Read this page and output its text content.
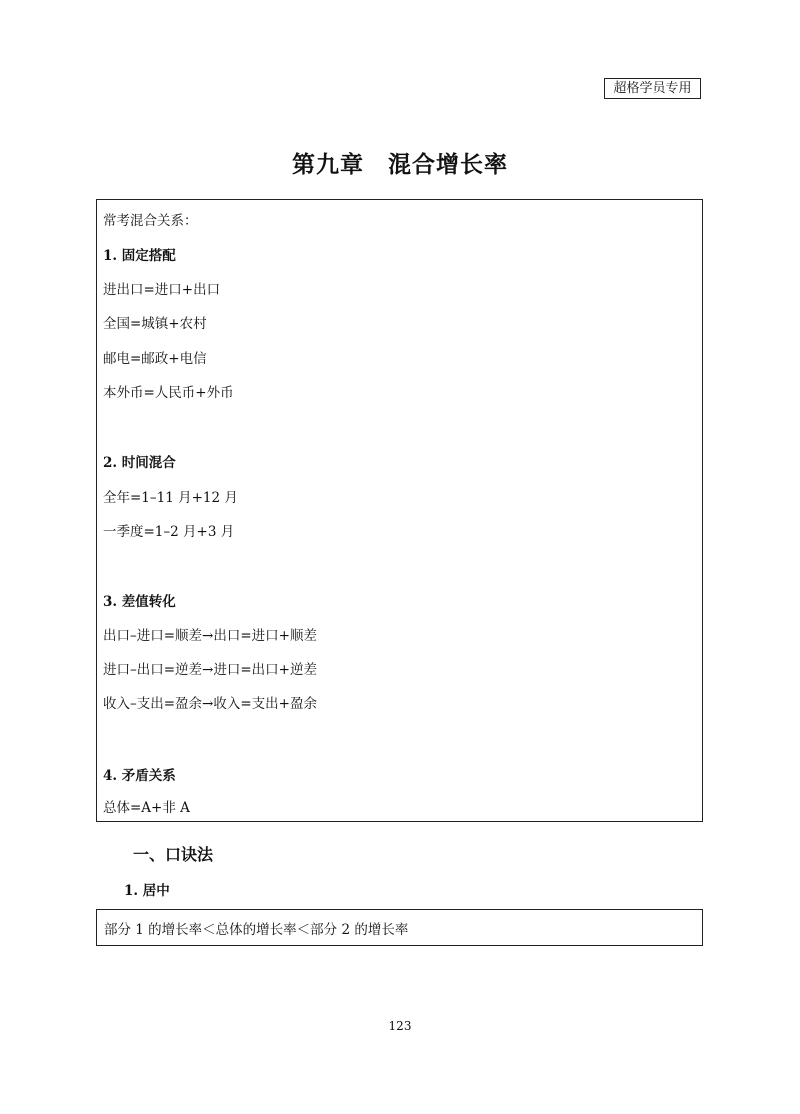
超格学员专用
第九章　混合增长率
常考混合关系：
1. 固定搭配
进出口=进口+出口
全国=城镇+农村
邮电=邮政+电信
本外币=人民币+外币
2. 时间混合
全年=1–11 月+12 月
一季度=1–2 月+3 月
3. 差值转化
出口–进口=顺差→出口=进口+顺差
进口–出口=逆差→进口=出口+逆差
收入–支出=盈余→收入=支出+盈余
4. 矛盾关系
总体=A+非 A
一、口诀法
1. 居中
部分 1 的增长率＜总体的增长率＜部分 2 的增长率
123
